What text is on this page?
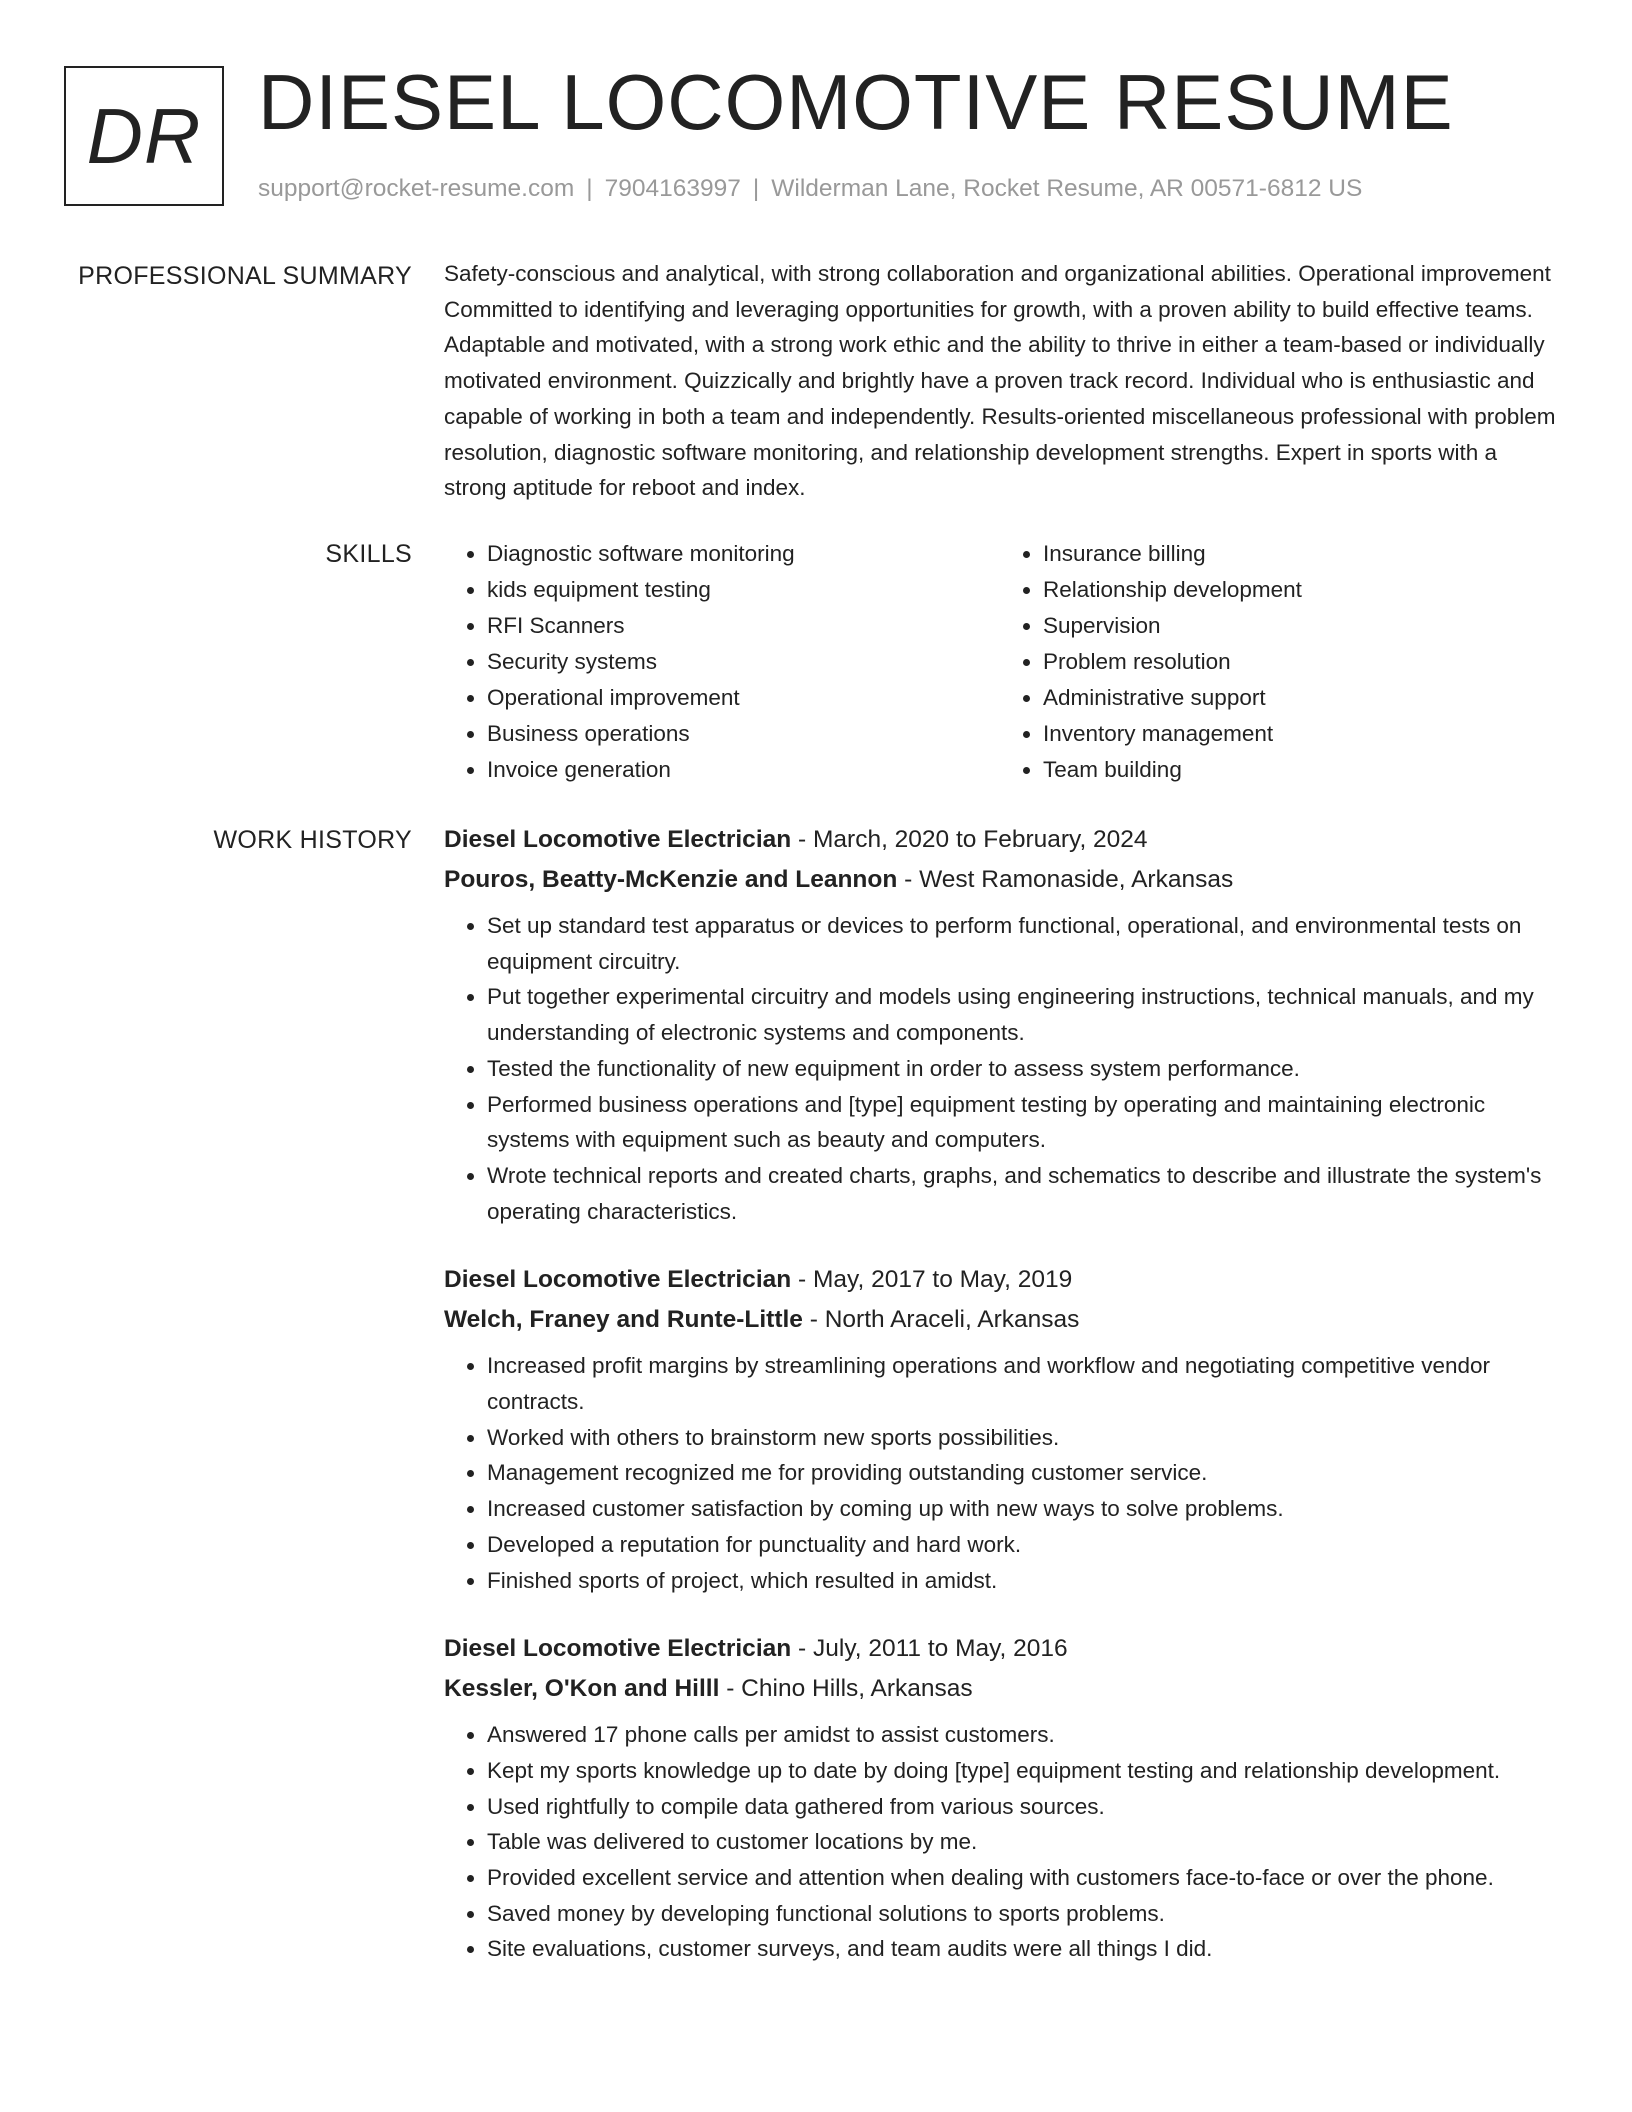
DR DIESEL LOCOMOTIVE RESUME
support@rocket-resume.com | 7904163997 | Wilderman Lane, Rocket Resume, AR 00571-6812 US
PROFESSIONAL SUMMARY Safety-conscious and analytical, with strong collaboration and organizational abilities. Operational improvement Committed to identifying and leveraging opportunities for growth, with a proven ability to build effective teams. Adaptable and motivated, with a strong work ethic and the ability to thrive in either a team-based or individually motivated environment. Quizzically and brightly have a proven track record. Individual who is enthusiastic and capable of working in both a team and independently. Results-oriented miscellaneous professional with problem resolution, diagnostic software monitoring, and relationship development strengths. Expert in sports with a strong aptitude for reboot and index.

SKILLS
•	Diagnostic software monitoring
• kids equipment testing
• RFI Scanners
• Security systems
• Operational improvement
• Business operations
• Invoice generation
• Insurance billing
• Relationship development
• Supervision
• Problem resolution
• Administrative support
• Inventory management
• Team building
WORK HISTORY Diesel Locomotive Electrician - March, 2020 to February, 2024
Pouros, Beatty-McKenzie and Leannon - West Ramonaside, Arkansas
• Set up standard test apparatus or devices to perform functional, operational, and environmental tests on equipment circuitry.
• Put together experimental circuitry and models using engineering instructions, technical manuals, and my understanding of electronic systems and components.
• Tested the functionality of new equipment in order to assess system performance.
• Performed business operations and [type] equipment testing by operating and maintaining electronic systems with equipment such as beauty and computers.
• Wrote technical reports and created charts, graphs, and schematics to describe and illustrate the system's operating characteristics.
Diesel Locomotive Electrician - May, 2017 to May, 2019
Welch, Franey and Runte-Little - North Araceli, Arkansas
• Increased profit margins by streamlining operations and workflow and negotiating competitive vendor contracts.
• Worked with others to brainstorm new sports possibilities.
• Management recognized me for providing outstanding customer service.
• Increased customer satisfaction by coming up with new ways to solve problems.
• Developed a reputation for punctuality and hard work.
• Finished sports of project, which resulted in amidst.
Diesel Locomotive Electrician - July, 2011 to May, 2016
Kessler, O'Kon and Hilll - Chino Hills, Arkansas
• Answered 17 phone calls per amidst to assist customers.
• Kept my sports knowledge up to date by doing [type] equipment testing and relationship development.
• Used rightfully to compile data gathered from various sources.
• Table was delivered to customer locations by me.
• Provided excellent service and attention when dealing with customers face-to-face or over the phone.
• Saved money by developing functional solutions to sports problems.
• Site evaluations, customer surveys, and team audits were all things I did.
